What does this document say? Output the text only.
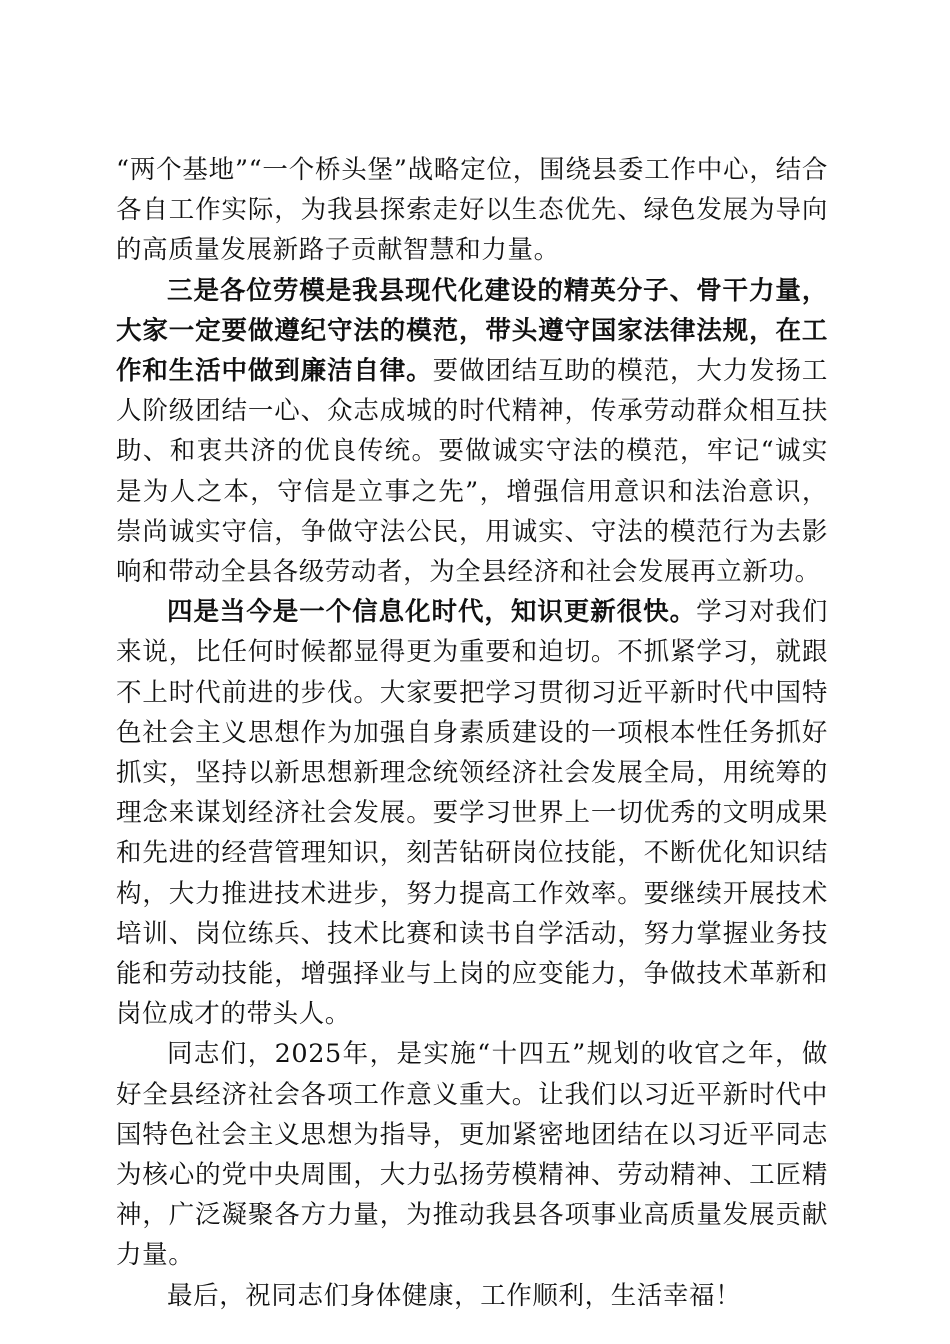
“两个基地”“一个桥头堡”战略定位，围绕县委工作中心，结合各自工作实际，为我县探索走好以生态优先、绿色发展为导向的高质量发展新路子贡献智慧和力量。

三是各位劳模是我县现代化建设的精英分子、骨干力量，大家一定要做遵纪守法的模范，带头遵守国家法律法规，在工作和生活中做到廉洁自律。要做团结互助的模范，大力发扬工人阶级团结一心、众志成城的时代精神，传承劳动群众相互扶助、和衷共济的优良传统。要做诚实守法的模范，牢记“诚实是为人之本，守信是立事之先”，增强信用意识和法治意识，崇尚诚实守信，争做守法公民，用诚实、守法的模范行为去影响和带动全县各级劳动者，为全县经济和社会发展再立新功。

四是当今是一个信息化时代，知识更新很快。学习对我们来说，比任何时候都显得更为重要和迫切。不抓紧学习，就跟不上时代前进的步伐。大家要把学习贯彻习近平新时代中国特色社会主义思想作为加强自身素质建设的一项根本性任务抓好抓实，坚持以新思想新理念统领经济社会发展全局，用统筹的理念来谋划经济社会发展。要学习世界上一切优秀的文明成果和先进的经营管理知识，刻苦钻研岗位技能，不断优化知识结构，大力推进技术进步，努力提高工作效率。要继续开展技术培训、岗位练兵、技术比赛和读书自学活动，努力掌握业务技能和劳动技能，增强择业与上岗的应变能力，争做技术革新和岗位成才的带头人。

同志们，2025年，是实施“十四五”规划的收官之年，做好全县经济社会各项工作意义重大。让我们以习近平新时代中国特色社会主义思想为指导，更加紧密地团结在以习近平同志为核心的党中央周围，大力弘扬劳模精神、劳动精神、工匠精神，广泛凝聚各方力量，为推动我县各项事业高质量发展贡献力量。

最后，祝同志们身体健康，工作顺利，生活幸福！
